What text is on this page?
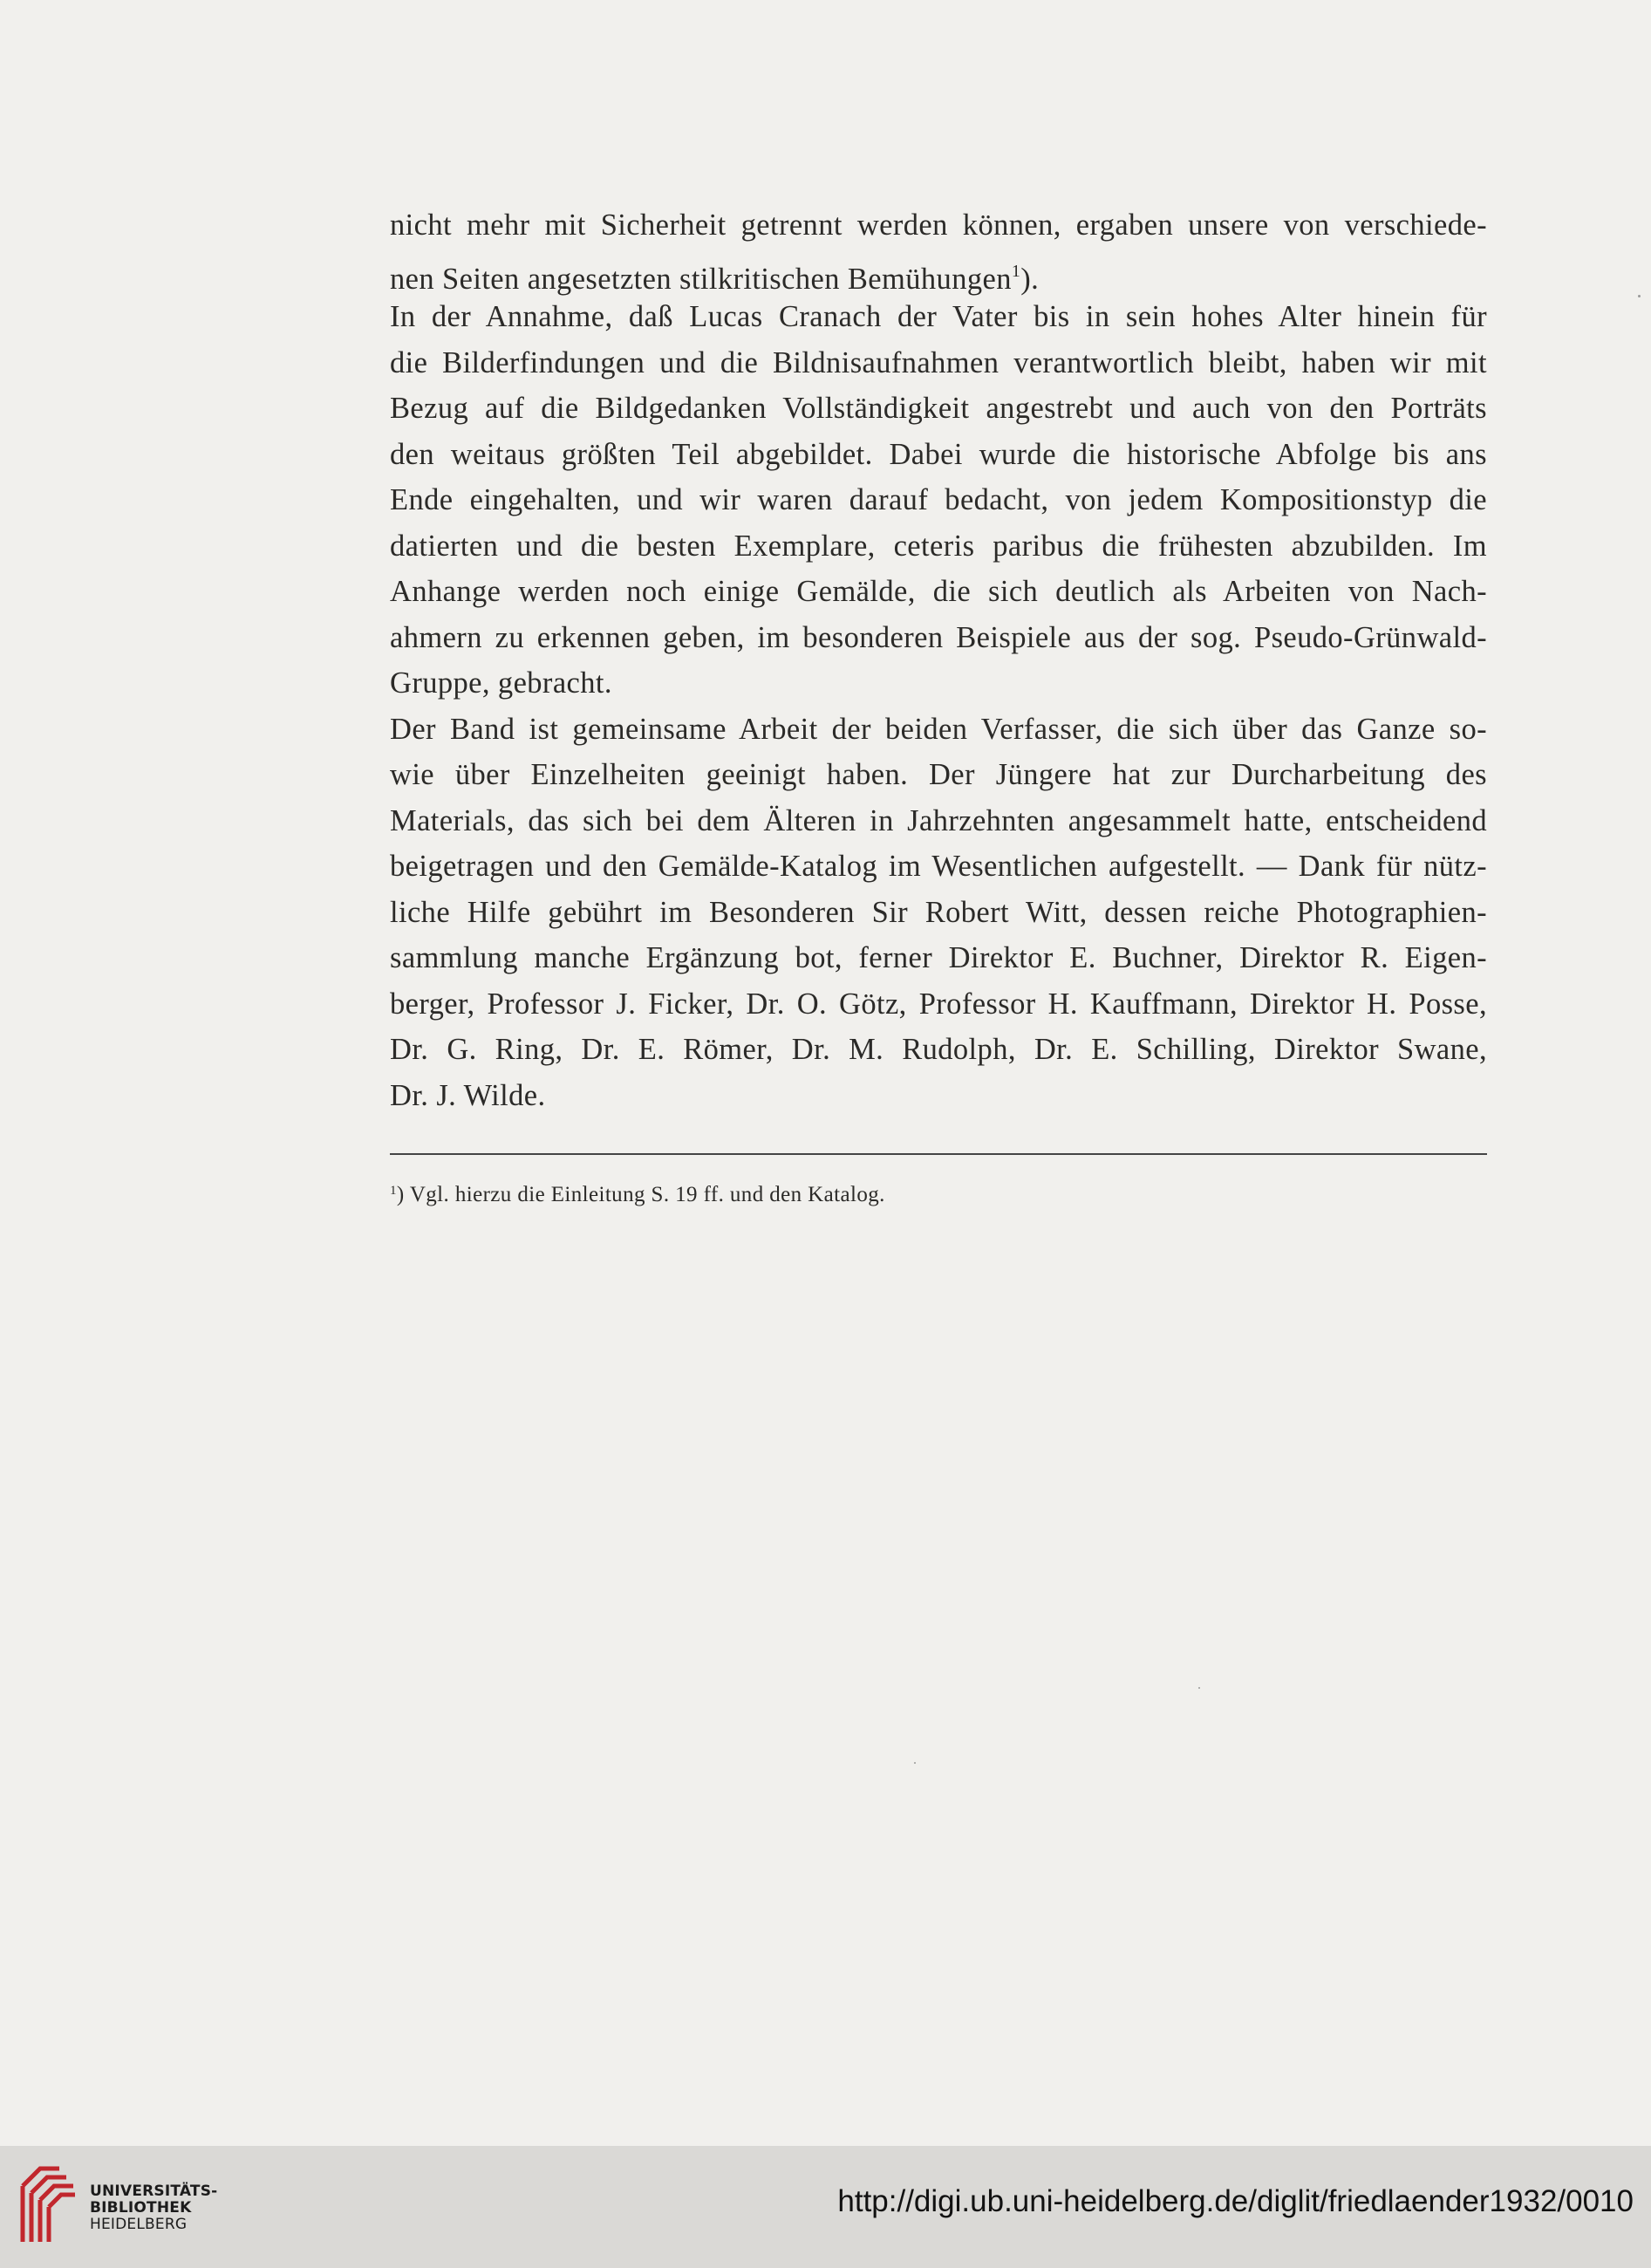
nicht mehr mit Sicherheit getrennt werden können, ergaben unsere von verschiede-
nen Seiten angesetzten stilkritischen Bemühungen$^1$).
In der Annahme, daß Lucas Cranach der Vater bis in sein hohes Alter hinein für
die Bilderfindungen und die Bildnisaufnahmen verantwortlich bleibt, haben wir mit
Bezug auf die Bildgedanken Vollständigkeit angestrebt und auch von den Porträts
den weitaus größten Teil abgebildet. Dabei wurde die historische Abfolge bis ans
Ende eingehalten, und wir waren darauf bedacht, von jedem Kompositionstyp die
datierten und die besten Exemplare, ceteris paribus die frühesten abzubilden. Im
Anhange werden noch einige Gemälde, die sich deutlich als Arbeiten von Nach-
ahmern zu erkennen geben, im besonderen Beispiele aus der sog. Pseudo-Grünwald-
Gruppe, gebracht.
Der Band ist gemeinsame Arbeit der beiden Verfasser, die sich über das Ganze so-
wie über Einzelheiten geeinigt haben. Der Jüngere hat zur Durcharbeitung des
Materials, das sich bei dem Älteren in Jahrzehnten angesammelt hatte, entscheidend
beigetragen und den Gemälde-Katalog im Wesentlichen aufgestellt. — Dank für nütz-
liche Hilfe gebührt im Besonderen Sir Robert Witt, dessen reiche Photographien-
sammlung manche Ergänzung bot, ferner Direktor E. Buchner, Direktor R. Eigen-
berger, Professor J. Ficker, Dr. O. Götz, Professor H. Kauffmann, Direktor H. Posse,
Dr. G. Ring, Dr. E. Römer, Dr. M. Rudolph, Dr. E. Schilling, Direktor Swane,
Dr. J. Wilde.
$^1$) Vgl. hierzu die Einleitung S. 19 ff. und den Katalog.
UNIVERSITÄTS-
BIBLIOTHEK
HEIDELBERG
http://digi.ub.uni-heidelberg.de/diglit/friedlaender1932/0010
